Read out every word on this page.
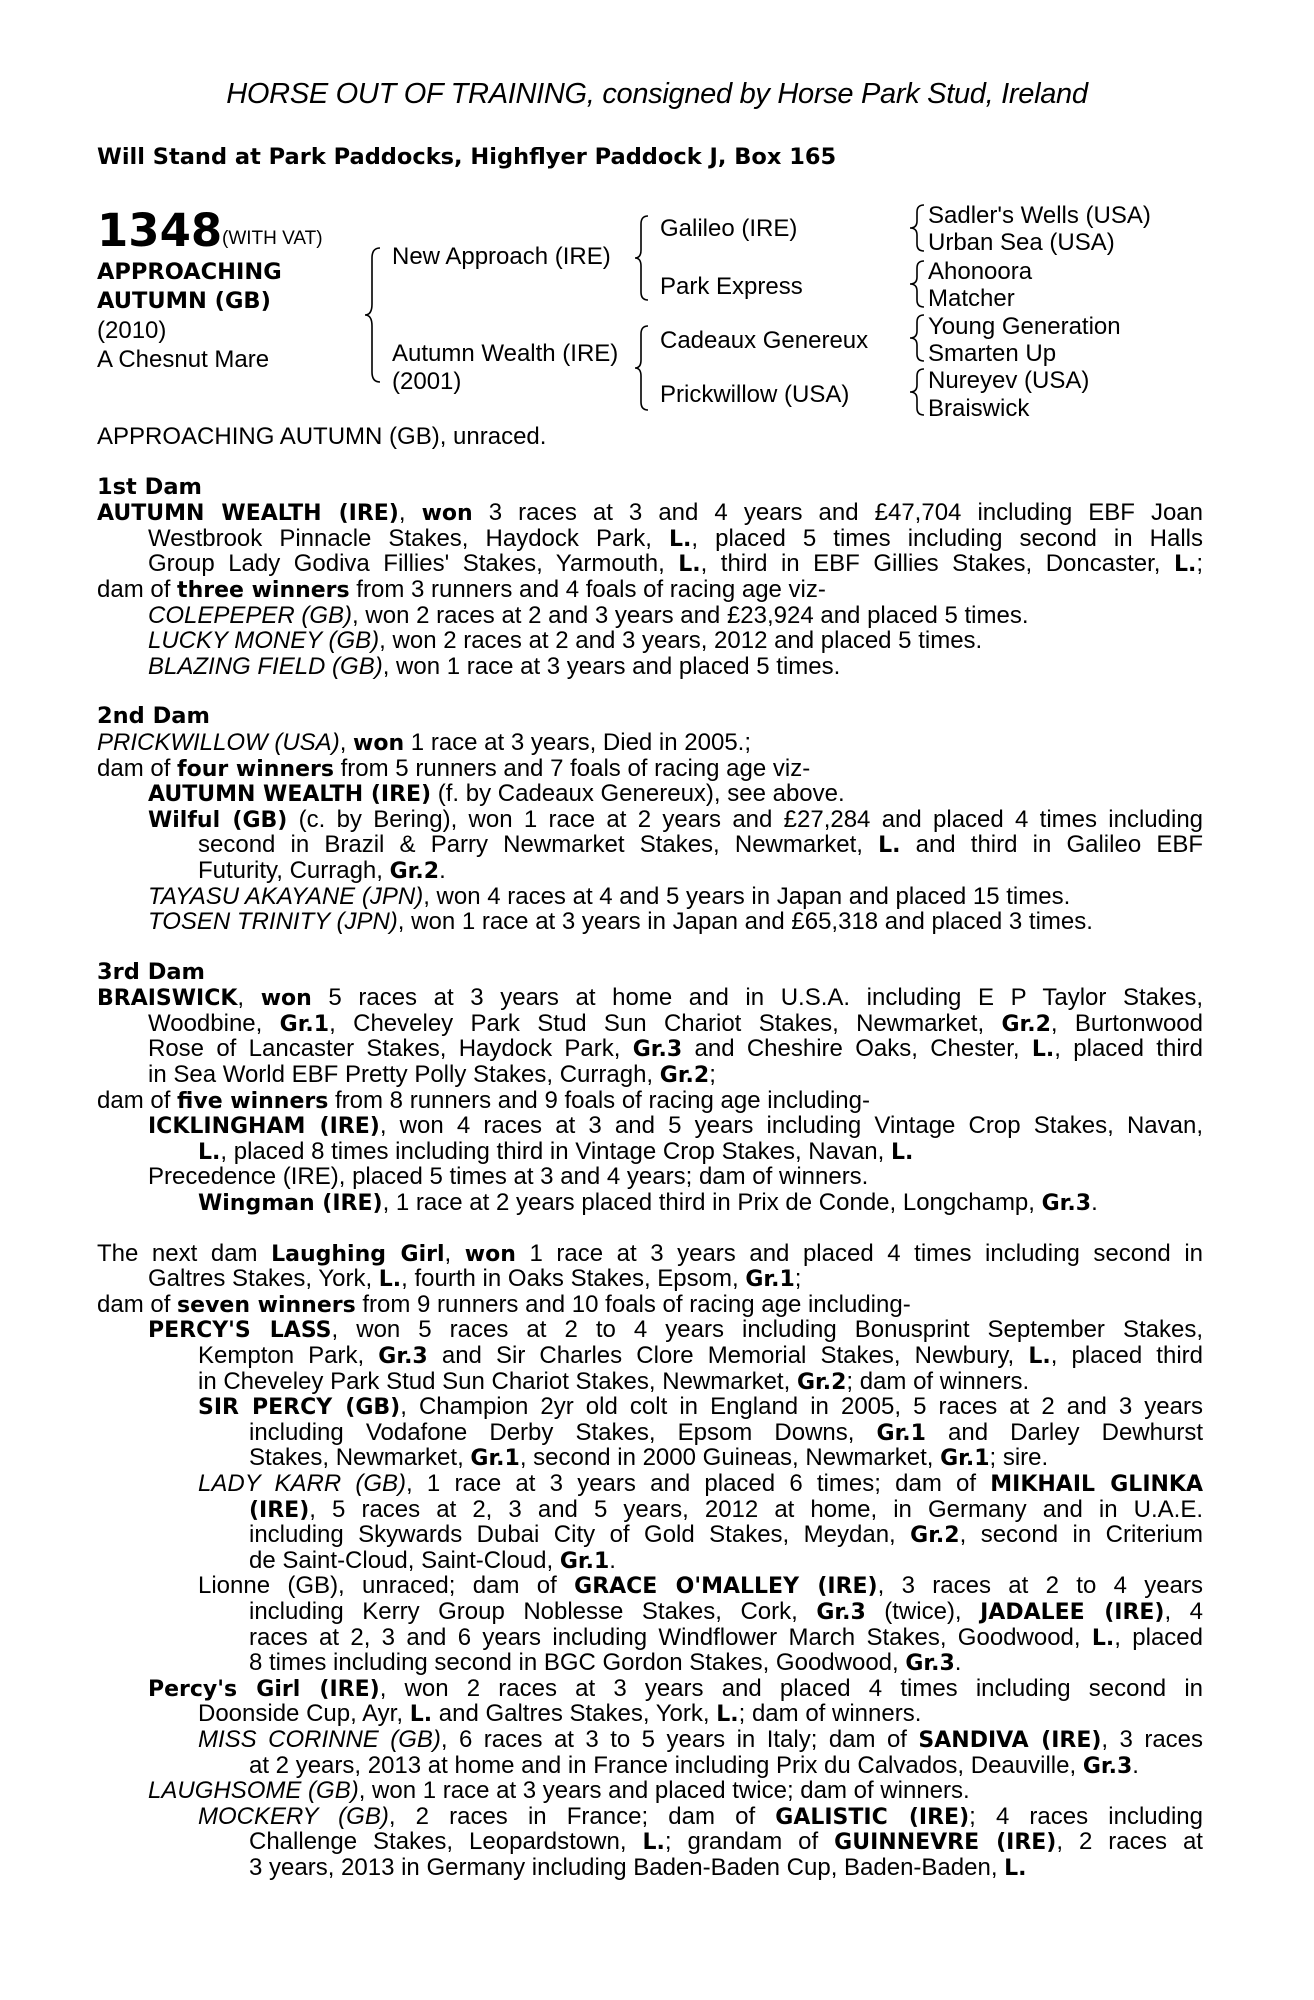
HORSE OUT OF TRAINING, consigned by Horse Park Stud, Ireland
Will Stand at Park Paddocks, Highflyer Paddock J, Box 165
1348 (WITH VAT)
APPROACHING
AUTUMN (GB)
(2010)
A Chesnut Mare
New Approach (IRE)
Autumn Wealth (IRE)
(2001)
Galileo (IRE)
Park Express
Cadeaux Genereux
Prickwillow (USA)
Sadler's Wells (USA)
Urban Sea (USA)
Ahonoora
Matcher
Young Generation
Smarten Up
Nureyev (USA)
Braiswick
APPROACHING AUTUMN (GB), unraced.
1st Dam
AUTUMN WEALTH (IRE), won 3 races at 3 and 4 years and £47,704 including EBF Joan
Westbrook Pinnacle Stakes, Haydock Park, L., placed 5 times including second in Halls
Group Lady Godiva Fillies' Stakes, Yarmouth, L., third in EBF Gillies Stakes, Doncaster, L.;
dam of three winners from 3 runners and 4 foals of racing age viz-
COLEPEPER (GB), won 2 races at 2 and 3 years and £23,924 and placed 5 times.
LUCKY MONEY (GB), won 2 races at 2 and 3 years, 2012 and placed 5 times.
BLAZING FIELD (GB), won 1 race at 3 years and placed 5 times.
2nd Dam
PRICKWILLOW (USA), won 1 race at 3 years, Died in 2005.;
dam of four winners from 5 runners and 7 foals of racing age viz-
AUTUMN WEALTH (IRE) (f. by Cadeaux Genereux), see above.
Wilful (GB) (c. by Bering), won 1 race at 2 years and £27,284 and placed 4 times including
second in Brazil & Parry Newmarket Stakes, Newmarket, L. and third in Galileo EBF
Futurity, Curragh, Gr.2.
TAYASU AKAYANE (JPN), won 4 races at 4 and 5 years in Japan and placed 15 times.
TOSEN TRINITY (JPN), won 1 race at 3 years in Japan and £65,318 and placed 3 times.
3rd Dam
BRAISWICK, won 5 races at 3 years at home and in U.S.A. including E P Taylor Stakes,
Woodbine, Gr.1, Cheveley Park Stud Sun Chariot Stakes, Newmarket, Gr.2, Burtonwood
Rose of Lancaster Stakes, Haydock Park, Gr.3 and Cheshire Oaks, Chester, L., placed third
in Sea World EBF Pretty Polly Stakes, Curragh, Gr.2;
dam of five winners from 8 runners and 9 foals of racing age including-
ICKLINGHAM (IRE), won 4 races at 3 and 5 years including Vintage Crop Stakes, Navan,
L., placed 8 times including third in Vintage Crop Stakes, Navan, L.
Precedence (IRE), placed 5 times at 3 and 4 years; dam of winners.
Wingman (IRE), 1 race at 2 years placed third in Prix de Conde, Longchamp, Gr.3.
The next dam Laughing Girl, won 1 race at 3 years and placed 4 times including second in
Galtres Stakes, York, L., fourth in Oaks Stakes, Epsom, Gr.1;
dam of seven winners from 9 runners and 10 foals of racing age including-
PERCY'S LASS, won 5 races at 2 to 4 years including Bonusprint September Stakes,
Kempton Park, Gr.3 and Sir Charles Clore Memorial Stakes, Newbury, L., placed third
in Cheveley Park Stud Sun Chariot Stakes, Newmarket, Gr.2; dam of winners.
SIR PERCY (GB), Champion 2yr old colt in England in 2005, 5 races at 2 and 3 years
including Vodafone Derby Stakes, Epsom Downs, Gr.1 and Darley Dewhurst
Stakes, Newmarket, Gr.1, second in 2000 Guineas, Newmarket, Gr.1; sire.
LADY KARR (GB), 1 race at 3 years and placed 6 times; dam of MIKHAIL GLINKA
(IRE), 5 races at 2, 3 and 5 years, 2012 at home, in Germany and in U.A.E.
including Skywards Dubai City of Gold Stakes, Meydan, Gr.2, second in Criterium
de Saint-Cloud, Saint-Cloud, Gr.1.
Lionne (GB), unraced; dam of GRACE O'MALLEY (IRE), 3 races at 2 to 4 years
including Kerry Group Noblesse Stakes, Cork, Gr.3 (twice), JADALEE (IRE), 4
races at 2, 3 and 6 years including Windflower March Stakes, Goodwood, L., placed
8 times including second in BGC Gordon Stakes, Goodwood, Gr.3.
Percy's Girl (IRE), won 2 races at 3 years and placed 4 times including second in
Doonside Cup, Ayr, L. and Galtres Stakes, York, L.; dam of winners.
MISS CORINNE (GB), 6 races at 3 to 5 years in Italy; dam of SANDIVA (IRE), 3 races
at 2 years, 2013 at home and in France including Prix du Calvados, Deauville, Gr.3.
LAUGHSOME (GB), won 1 race at 3 years and placed twice; dam of winners.
MOCKERY (GB), 2 races in France; dam of GALISTIC (IRE); 4 races including
Challenge Stakes, Leopardstown, L.; grandam of GUINNEVRE (IRE), 2 races at
3 years, 2013 in Germany including Baden-Baden Cup, Baden-Baden, L.
